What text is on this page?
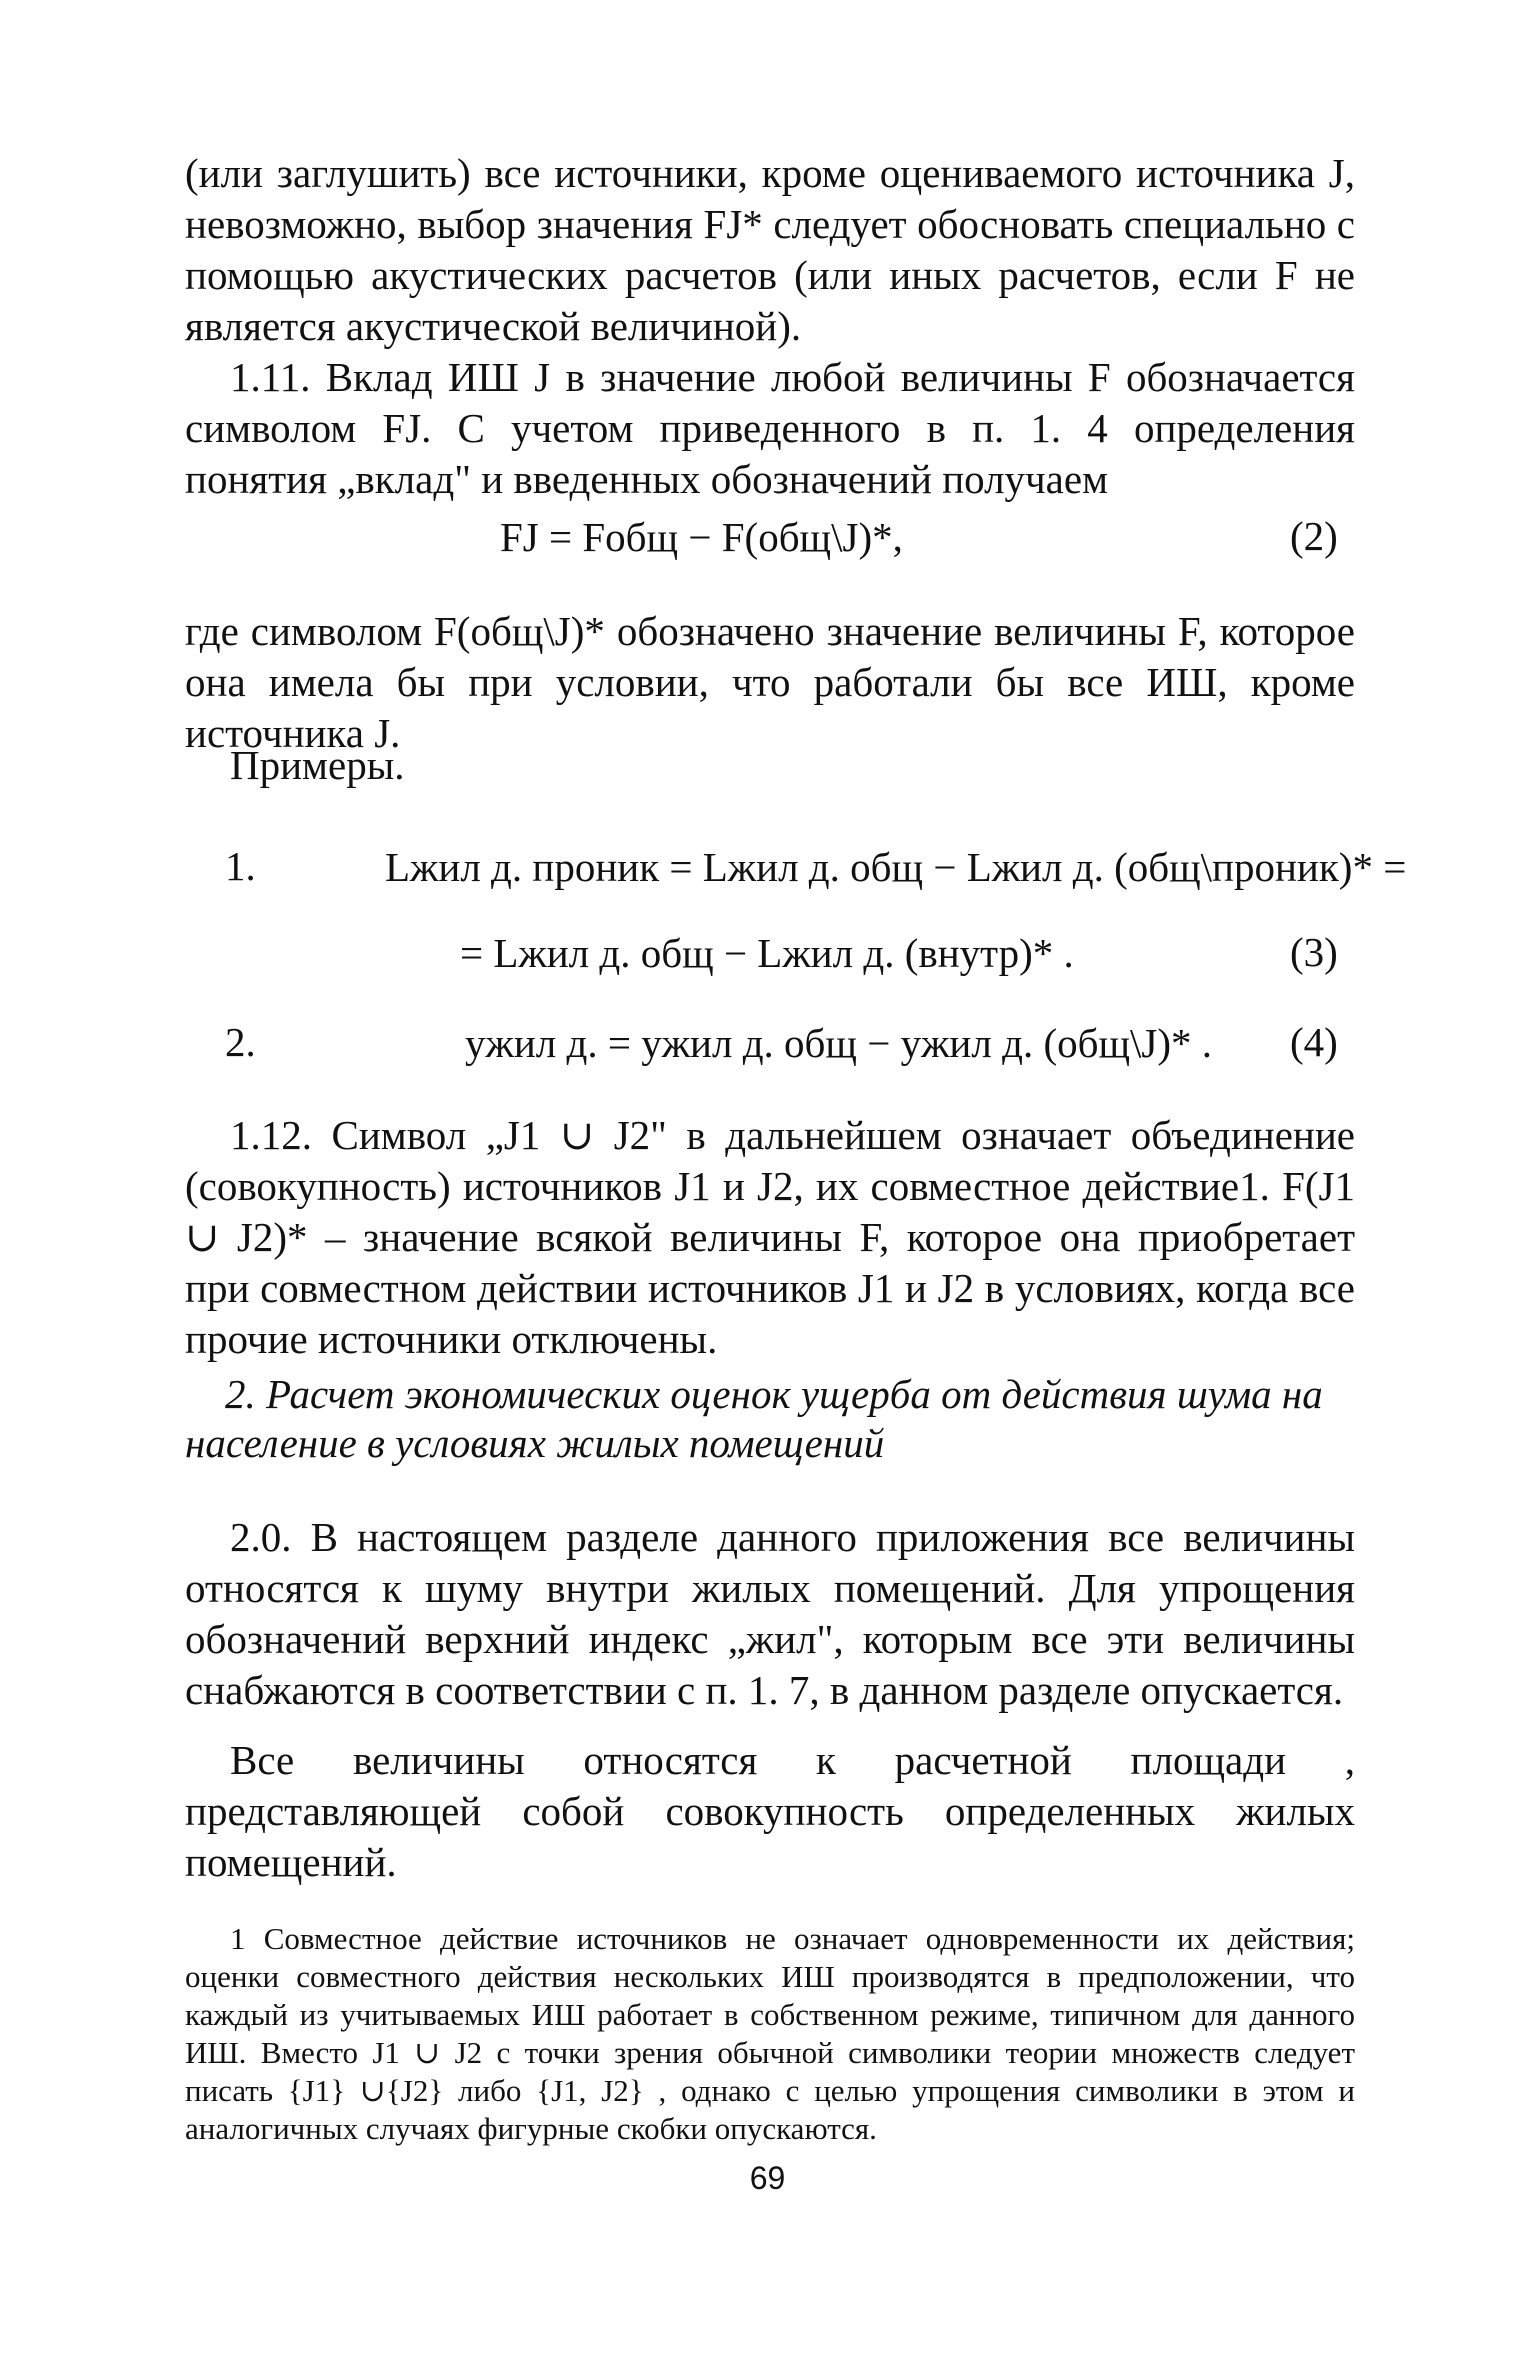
(или заглушить) все источники, кроме оцениваемого источника J, невозможно, выбор значения FJ* следует обосновать специально с помощью акустических расчетов (или иных расчетов, если F не является акустической величиной).
1.11. Вклад ИШ J в значение любой величины F обозначается символом FJ. С учетом приведенного в п. 1. 4 определения понятия „вклад" и введенных обозначений получаем
FJ = Fобщ − F(общ\J)*,	(2)
где символом F(общ\J)* обозначено значение величины F, которое она имела бы при условии, что работали бы все ИШ, кроме источника J.
Примеры.
1.	Lжил д. проник = Lжил д. общ − Lжил д. (общ\проник)* =
= Lжил д. общ − Lжил д. (внутр)* .	(3)
2.	yжил д. = yжил д. общ − yжил д. (общ\J)* . (4)
1.12. Символ „J1 ∪ J2" в дальнейшем означает объединение (совокупность) источников J1 и J2, их совместное действие1. F(J1 ∪ J2)* – значение всякой величины F, которое она приобретает при совместном действии источников J1 и J2 в условиях, когда все прочие источники отключены.
2. Расчет экономических оценок ущерба от действия шума на население в условиях жилых помещений
2.0. В настоящем разделе данного приложения все величины относятся к шуму внутри жилых помещений. Для упрощения обозначений верхний индекс „жил", которым все эти величины снабжаются в соответствии с п. 1. 7, в данном разделе опускается.
Все величины относятся к расчетной площади , представляющей собой совокупность определенных жилых помещений.
1 Совместное действие источников не означает одновременности их действия; оценки совместного действия нескольких ИШ производятся в предположении, что каждый из учитываемых ИШ работает в собственном режиме, типичном для данного ИШ. Вместо J1 ∪ J2 с точки зрения обычной символики теории множеств следует писать {J1} ∪{J2} либо {J1, J2} , однако с целью упрощения символики в этом и аналогичных случаях фигурные скобки опускаются.
69
